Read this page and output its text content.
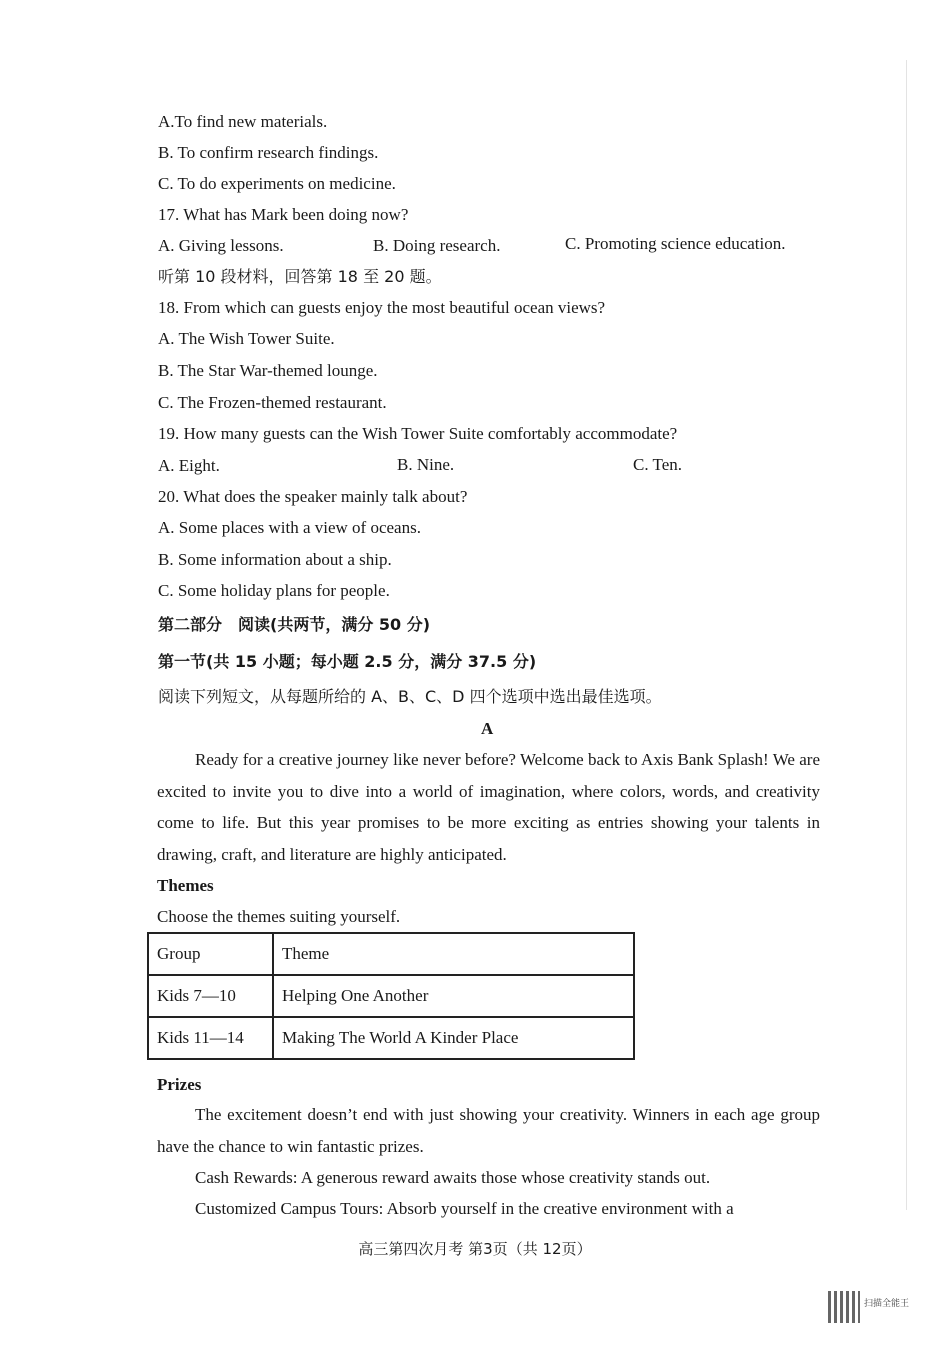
A.To find new materials.
B. To confirm research findings.
C. To do experiments on medicine.
17. What has Mark been doing now?
A. Giving lessons.	B. Doing research.	C. Promoting science education.
听第 10 段材料，回答第 18 至 20 题。
18. From which can guests enjoy the most beautiful ocean views?
A. The Wish Tower Suite.
B. The Star War-themed lounge.
C. The Frozen-themed restaurant.
19. How many guests can the Wish Tower Suite comfortably accommodate?
A. Eight.	B. Nine.	C. Ten.
20. What does the speaker mainly talk about?
A. Some places with a view of oceans.
B. Some information about a ship.
C. Some holiday plans for people.
第二部分　阅读(共两节，满分 50 分)
第一节(共 15 小题；每小题 2.5 分，满分 37.5 分)
阅读下列短文，从每题所给的 A、B、C、D 四个选项中选出最佳选项。
A
Ready for a creative journey like never before? Welcome back to Axis Bank Splash! We are excited to invite you to dive into a world of imagination, where colors, words, and creativity come to life. But this year promises to be more exciting as entries showing your talents in drawing, craft, and literature are highly anticipated.
Themes
Choose the themes suiting yourself.
Group	Theme
Kids 7—10	Helping One Another
Kids 11—14	Making The World A Kinder Place
Prizes
The excitement doesn’t end with just showing your creativity. Winners in each age group have the chance to win fantastic prizes.
Cash Rewards: A generous reward awaits those whose creativity stands out.
Customized Campus Tours: Absorb yourself in the creative environment with a
高三第四次月考 第3页（共 12页）
扫描全能王
